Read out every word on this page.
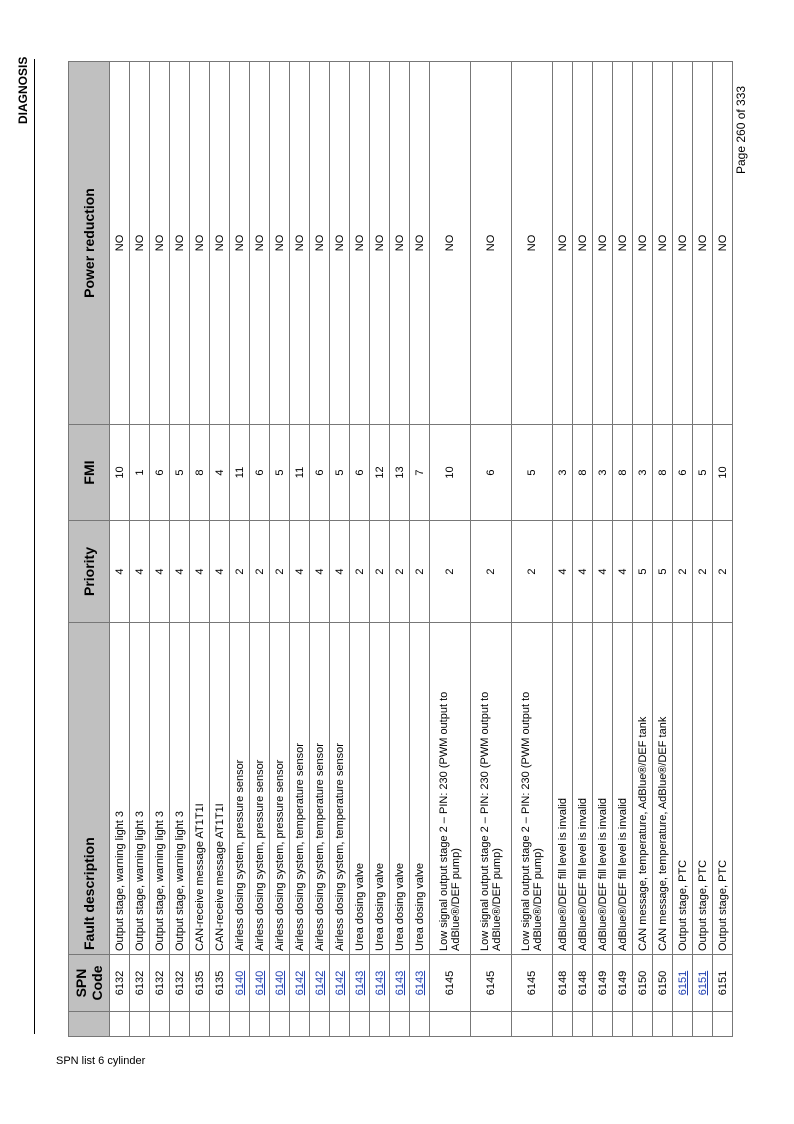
DIAGNOSIS
SPN list 6 cylinder
	SPN Code	Fault description	Priority	FMI	Power reduction
	6132	Output stage, warning light 3	4	10	NO
	6132	Output stage, warning light 3	4	1	NO
	6132	Output stage, warning light 3	4	6	NO
	6132	Output stage, warning light 3	4	5	NO
	6135	CAN-receive message AT1T1I	4	8	NO
	6135	CAN-receive message AT1T1I	4	4	NO
	6140	Airless dosing system, pressure sensor	2	11	NO
	6140	Airless dosing system, pressure sensor	2	6	NO
	6140	Airless dosing system, pressure sensor	2	5	NO
	6142	Airless dosing system, temperature sensor	4	11	NO
	6142	Airless dosing system, temperature sensor	4	6	NO
	6142	Airless dosing system, temperature sensor	4	5	NO
	6143	Urea dosing valve	2	6	NO
	6143	Urea dosing valve	2	12	NO
	6143	Urea dosing valve	2	13	NO
	6143	Urea dosing valve	2	7	NO
	6145	Low signal output stage 2 – PIN: 230 (PWM output to AdBlue®/DEF pump)	2	10	NO
	6145	Low signal output stage 2 – PIN: 230 (PWM output to AdBlue®/DEF pump)	2	6	NO
	6145	Low signal output stage 2 – PIN: 230 (PWM output to AdBlue®/DEF pump)	2	5	NO
	6148	AdBlue®/DEF fill level is invalid	4	3	NO
	6148	AdBlue®/DEF fill level is invalid	4	8	NO
	6149	AdBlue®/DEF fill level is invalid	4	3	NO
	6149	AdBlue®/DEF fill level is invalid	4	8	NO
	6150	CAN message, temperature, AdBlue®/DEF tank	5	3	NO
	6150	CAN message, temperature, AdBlue®/DEF tank	5	8	NO
	6151	Output stage, PTC	2	6	NO
	6151	Output stage, PTC	2	5	NO
	6151	Output stage, PTC	2	10	NO
Page 260 of 333
